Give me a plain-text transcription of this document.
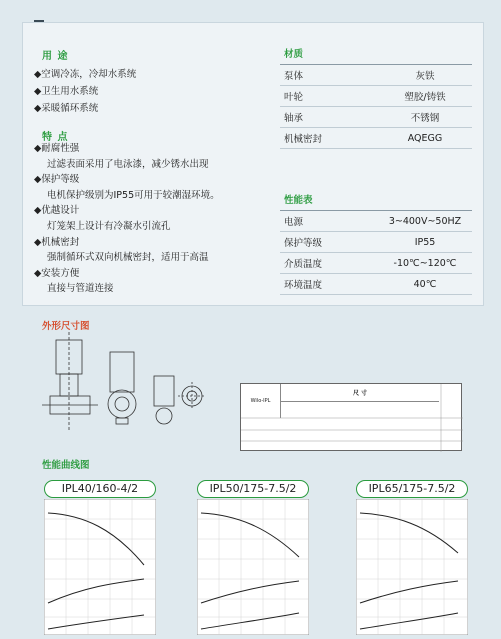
用 途
◆空调冷冻，冷却水系统
◆卫生用水系统
◆采暖循环系统
特 点
◆耐腐性强
过滤表面采用了电泳漆，减少锈水出现
◆保护等级
电机保护级别为IP55可用于较潮湿环境。
◆优越设计
灯笼架上设计有冷凝水引流孔
◆机械密封
强制循环式双向机械密封，适用于高温
◆安装方便
直接与管道连接
材质
泵体	灰铁
叶轮	塑胶/铸铁
轴承	不锈钢
机械密封	AQEGG
性能表
电源	3~400V~50HZ
保护等级	IP55
介质温度	-10℃~120℃
环境温度	40℃
外形尺寸图
Wilo-IPL
尺 寸
性能曲线图
IPL40/160-4/2	IPL50/175-7.5/2	IPL65/175-7.5/2
